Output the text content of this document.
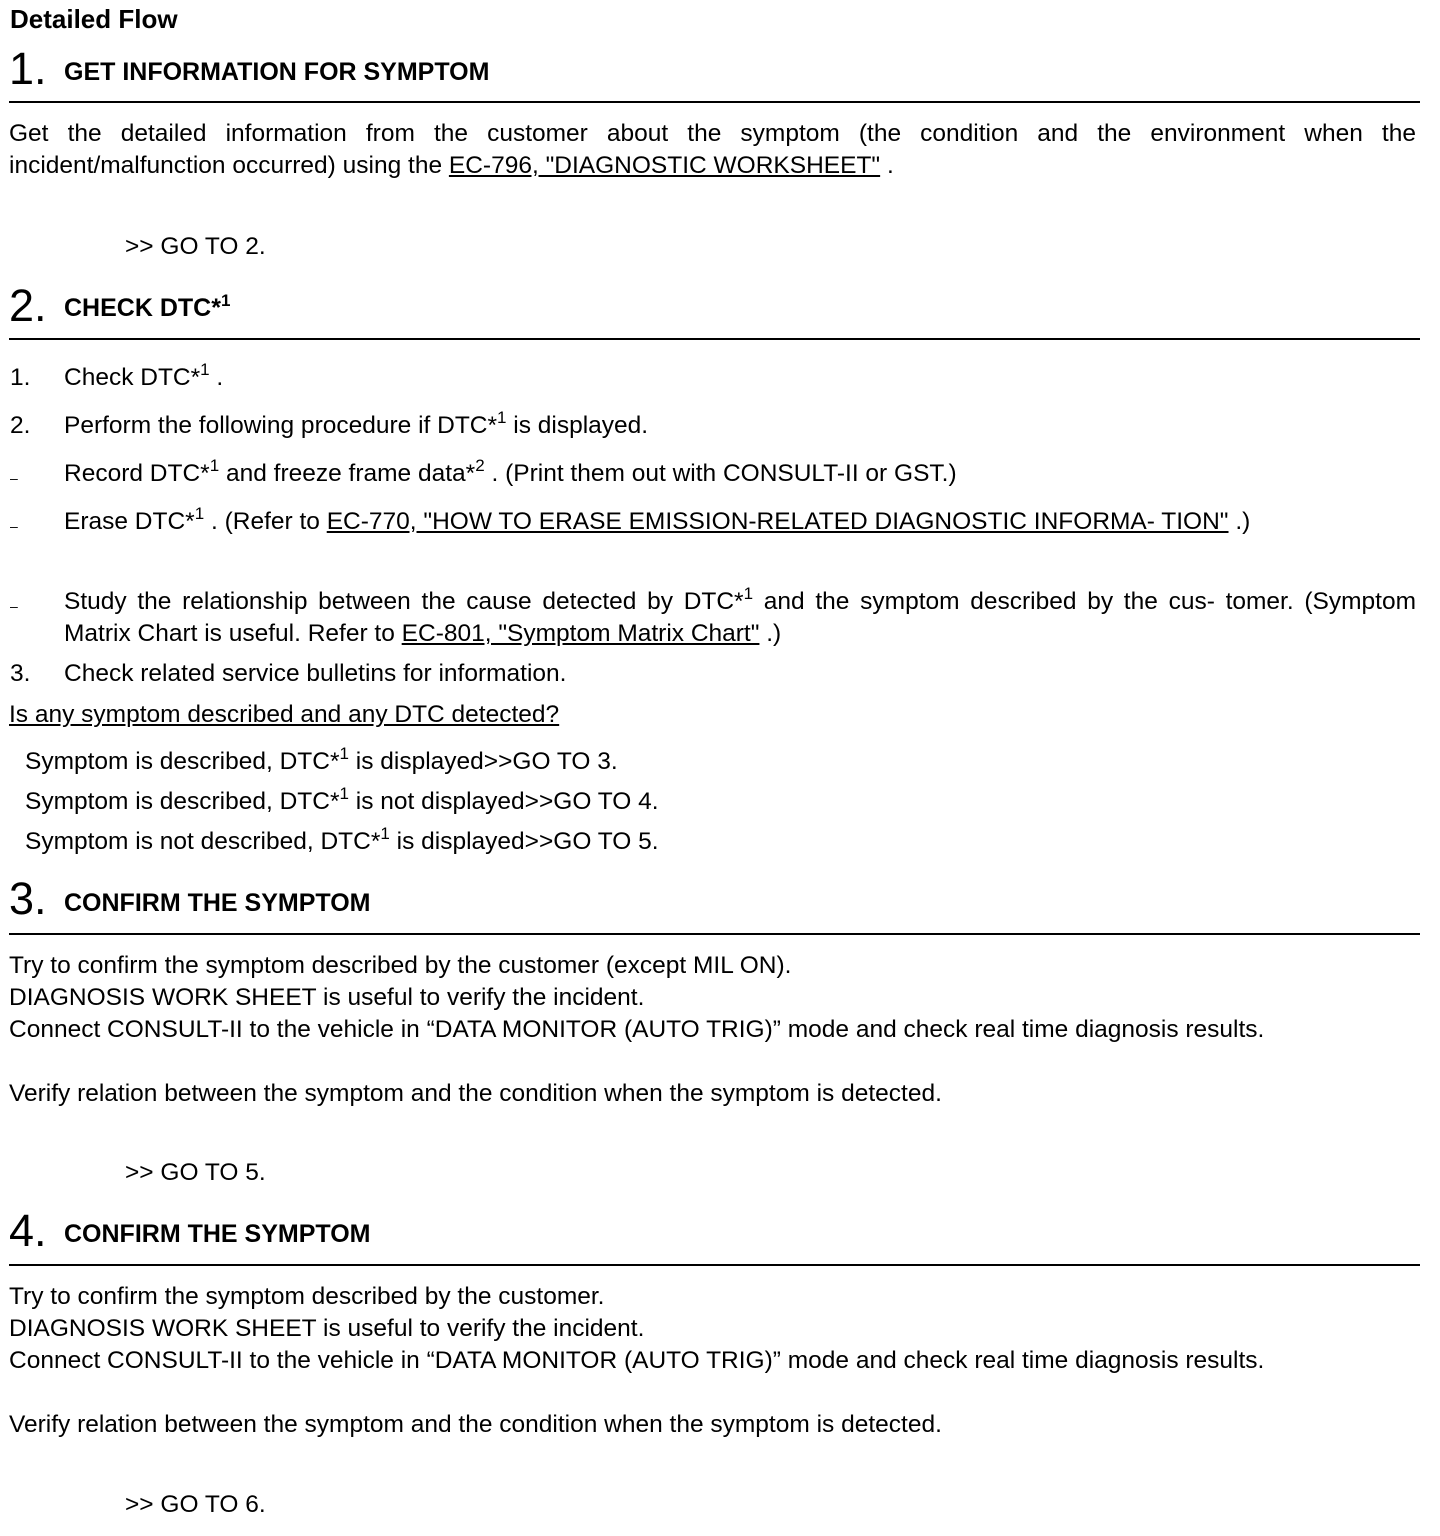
Detailed Flow
1. GET INFORMATION FOR SYMPTOM
Get the detailed information from the customer about the symptom (the condition and the environment when the incident/malfunction occurred) using the EC-796, "DIAGNOSTIC WORKSHEET" .
>> GO TO 2.
2. CHECK DTC*$^1$
1. Check DTC*$^1$ .
2. Perform the following procedure if DTC*$^1$ is displayed.
– Record DTC*$^1$ and freeze frame data*$^2$ . (Print them out with CONSULT-II or GST.)
– Erase DTC*$^1$ . (Refer to EC-770, "HOW TO ERASE EMISSION-RELATED DIAGNOSTIC INFORMA- TION" .)
– Study the relationship between the cause detected by DTC*$^1$ and the symptom described by the cus- tomer. (Symptom Matrix Chart is useful. Refer to EC-801, "Symptom Matrix Chart" .)
3. Check related service bulletins for information.
Is any symptom described and any DTC detected?
Symptom is described, DTC*$^1$ is displayed>>GO TO 3.
Symptom is described, DTC*$^1$ is not displayed>>GO TO 4.
Symptom is not described, DTC*$^1$ is displayed>>GO TO 5.
3. CONFIRM THE SYMPTOM
Try to confirm the symptom described by the customer (except MIL ON).
DIAGNOSIS WORK SHEET is useful to verify the incident.
Connect CONSULT-II to the vehicle in “DATA MONITOR (AUTO TRIG)” mode and check real time diagnosis results.
Verify relation between the symptom and the condition when the symptom is detected.
>> GO TO 5.
4. CONFIRM THE SYMPTOM
Try to confirm the symptom described by the customer.
DIAGNOSIS WORK SHEET is useful to verify the incident.
Connect CONSULT-II to the vehicle in “DATA MONITOR (AUTO TRIG)” mode and check real time diagnosis results.
Verify relation between the symptom and the condition when the symptom is detected.
>> GO TO 6.
